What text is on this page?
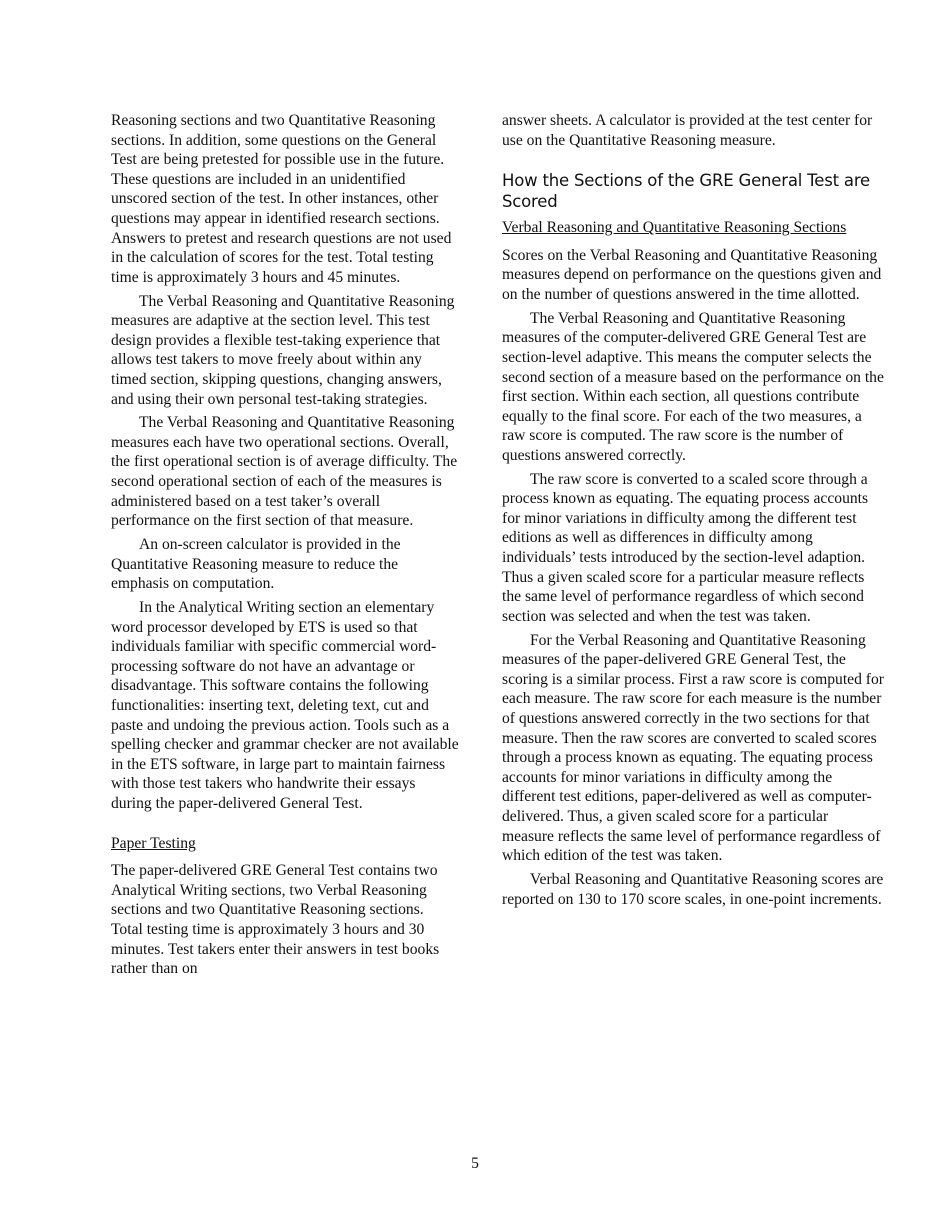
Reasoning sections and two Quantitative Reasoning sections. In addition, some questions on the General Test are being pretested for possible use in the future. These questions are included in an unidentified unscored section of the test. In other instances, other questions may appear in identified research sections. Answers to pretest and research questions are not used in the calculation of scores for the test. Total testing time is approximately 3 hours and 45 minutes.

The Verbal Reasoning and Quantitative Reasoning measures are adaptive at the section level. This test design provides a flexible test-taking experience that allows test takers to move freely about within any timed section, skipping questions, changing answers, and using their own personal test-taking strategies.

The Verbal Reasoning and Quantitative Reasoning measures each have two operational sections. Overall, the first operational section is of average difficulty. The second operational section of each of the measures is administered based on a test taker’s overall performance on the first section of that measure.

An on-screen calculator is provided in the Quantitative Reasoning measure to reduce the emphasis on computation.

In the Analytical Writing section an elementary word processor developed by ETS is used so that individuals familiar with specific commercial word-processing software do not have an advantage or disadvantage. This software contains the following functionalities: inserting text, deleting text, cut and paste and undoing the previous action. Tools such as a spelling checker and grammar checker are not available in the ETS software, in large part to maintain fairness with those test takers who handwrite their essays during the paper-delivered General Test.

Paper Testing

The paper-delivered GRE General Test contains two Analytical Writing sections, two Verbal Reasoning sections and two Quantitative Reasoning sections. Total testing time is approximately 3 hours and 30 minutes. Test takers enter their answers in test books rather than on

answer sheets. A calculator is provided at the test center for use on the Quantitative Reasoning measure.

How the Sections of the GRE General Test are Scored

Verbal Reasoning and Quantitative Reasoning Sections

Scores on the Verbal Reasoning and Quantitative Reasoning measures depend on performance on the questions given and on the number of questions answered in the time allotted.

The Verbal Reasoning and Quantitative Reasoning measures of the computer-delivered GRE General Test are section-level adaptive. This means the computer selects the second section of a measure based on the performance on the first section. Within each section, all questions contribute equally to the final score. For each of the two measures, a raw score is computed. The raw score is the number of questions answered correctly.

The raw score is converted to a scaled score through a process known as equating. The equating process accounts for minor variations in difficulty among the different test editions as well as differences in difficulty among individuals’ tests introduced by the section-level adaption. Thus a given scaled score for a particular measure reflects the same level of performance regardless of which second section was selected and when the test was taken.

For the Verbal Reasoning and Quantitative Reasoning measures of the paper-delivered GRE General Test, the scoring is a similar process. First a raw score is computed for each measure. The raw score for each measure is the number of questions answered correctly in the two sections for that measure. Then the raw scores are converted to scaled scores through a process known as equating. The equating process accounts for minor variations in difficulty among the different test editions, paper-delivered as well as computer-delivered. Thus, a given scaled score for a particular measure reflects the same level of performance regardless of which edition of the test was taken.

Verbal Reasoning and Quantitative Reasoning scores are reported on 130 to 170 score scales, in one-point increments.

5
